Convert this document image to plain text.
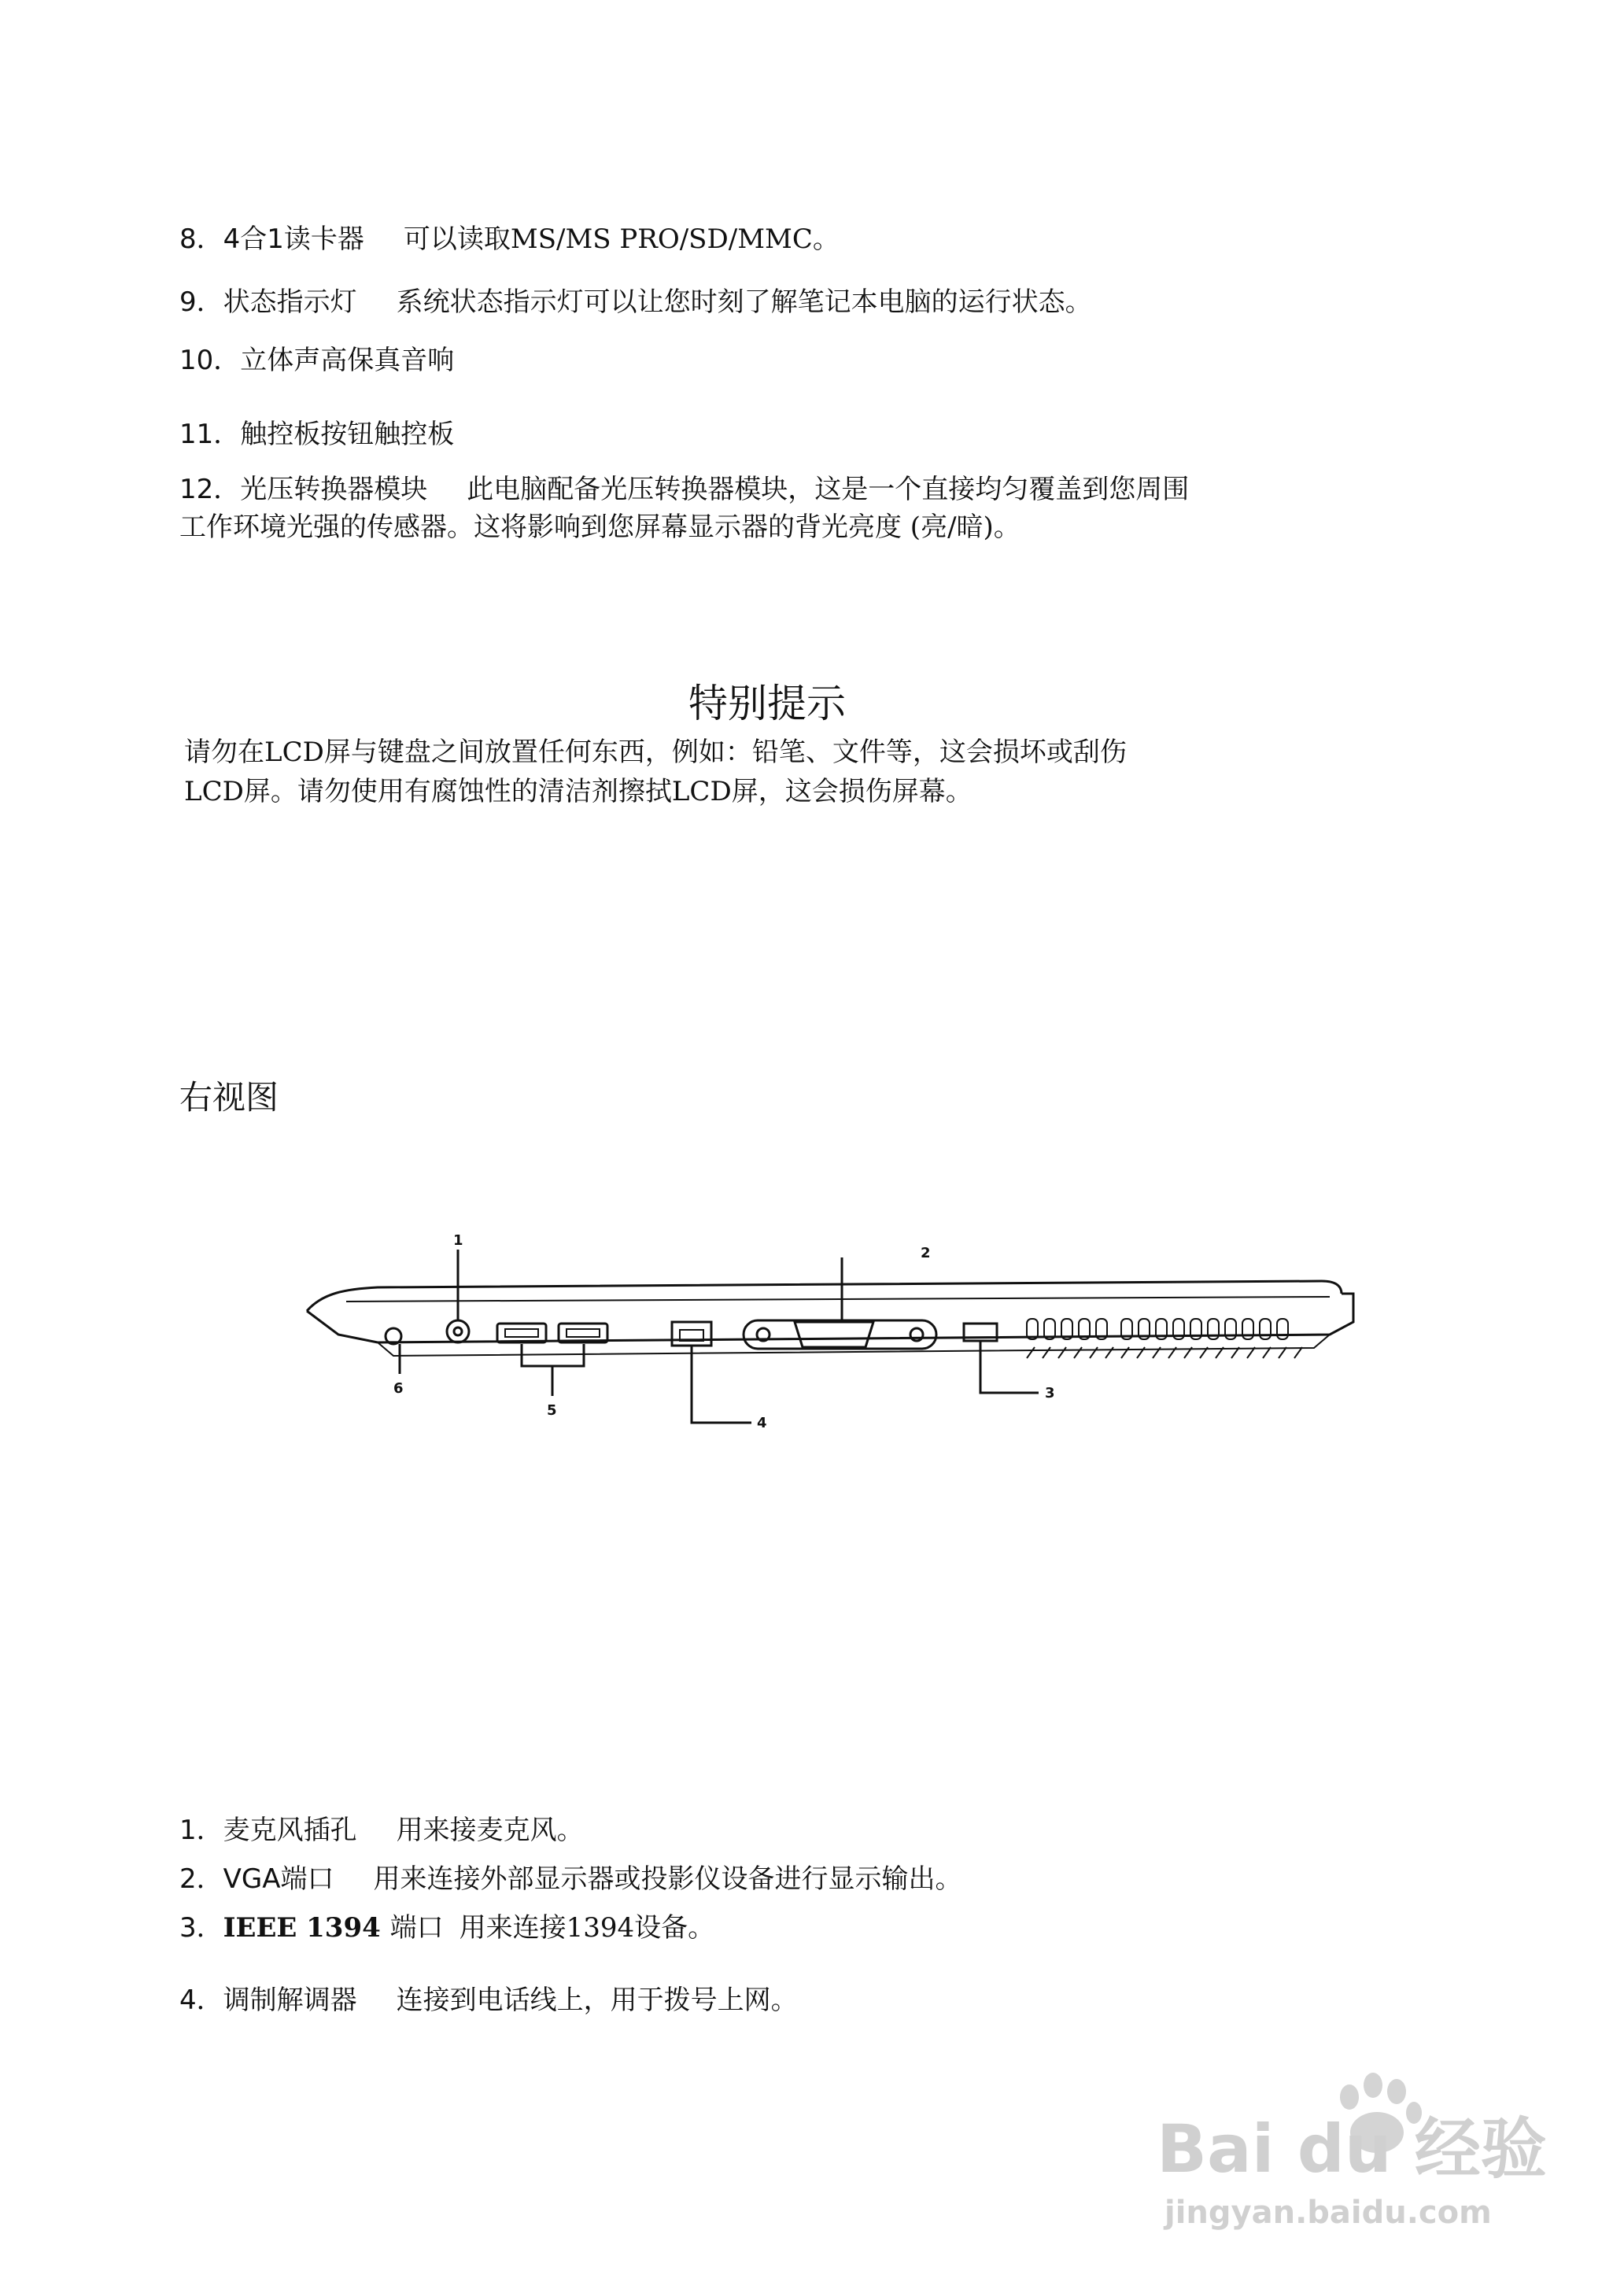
8．4合1读卡器 可以读取MS/MS PRO/SD/MMC。
9．状态指示灯 系统状态指示灯可以让您时刻了解笔记本电脑的运行状态。
10．立体声高保真音响
11．触控板按钮触控板
12．光压转换器模块 此电脑配备光压转换器模块，这是一个直接均匀覆盖到您周围
工作环境光强的传感器。这将影响到您屏幕显示器的背光亮度 (亮/暗)。
特别提示
请勿在LCD屏与键盘之间放置任何东西，例如：铅笔、文件等，这会损坏或刮伤
LCD屏。请勿使用有腐蚀性的清洁剂擦拭LCD屏，这会损伤屏幕。
右视图
1
6
5
4
2
3
1．麦克风插孔 用来接麦克风。
2．VGA端口 用来连接外部显示器或投影仪设备进行显示输出。
3．IEEE 1394 端口 用来连接1394设备。
4．调制解调器 连接到电话线上，用于拨号上网。
Bai du 经验
jingyan.baidu.com
